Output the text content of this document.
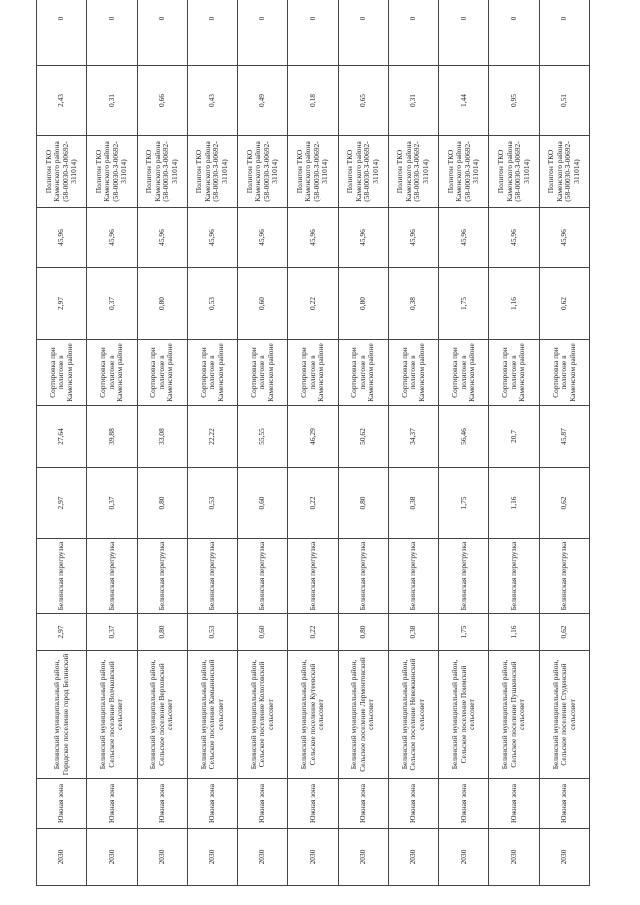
2030	Южная зона	Белинский муниципальный район, Городское поселение город Белинский	2,97	Белинская перегрузка	2,97	27,64	Сортировка при полигоне в Каменском районе	2,97	45,96	Полигон ТКО Каменского района (58-00030-З-00692-311014)	2,43	0
2030	Южная зона	Белинский муниципальный район, Сельское поселение Волчковский сельсовет	0,37	Белинская перегрузка	0,37	39,88	Сортировка при полигоне в Каменском районе	0,37	45,96	Полигон ТКО Каменского района (58-00030-З-00692-311014)	0,31	0
2030	Южная зона	Белинский муниципальный район, Сельское поселение Верховский сельсовет	0,80	Белинская перегрузка	0,80	33,08	Сортировка при полигоне в Каменском районе	0,80	45,96	Полигон ТКО Каменского района (58-00030-З-00692-311014)	0,66	0
2030	Южная зона	Белинский муниципальный район, Сельское поселение Камынинский сельсовет	0,53	Белинская перегрузка	0,53	22,22	Сортировка при полигоне в Каменском районе	0,53	45,96	Полигон ТКО Каменского района (58-00030-З-00692-311014)	0,43	0
2030	Южная зона	Белинский муниципальный район, Сельское поселение Кологовский сельсовет	0,60	Белинская перегрузка	0,60	55,55	Сортировка при полигоне в Каменском районе	0,60	45,96	Полигон ТКО Каменского района (58-00030-З-00692-311014)	0,49	0
2030	Южная зона	Белинский муниципальный район, Сельское поселение Кутеевский сельсовет	0,22	Белинская перегрузка	0,22	46,29	Сортировка при полигоне в Каменском районе	0,22	45,96	Полигон ТКО Каменского района (58-00030-З-00692-311014)	0,18	0
2030	Южная зона	Белинский муниципальный район, Сельское поселение Лермонтовский сельсовет	0,80	Белинская перегрузка	0,80	50,62	Сортировка при полигоне в Каменском районе	0,80	45,96	Полигон ТКО Каменского района (58-00030-З-00692-311014)	0,65	0
2030	Южная зона	Белинский муниципальный район, Сельское поселение Невежкинский сельсовет	0,38	Белинская перегрузка	0,38	34,37	Сортировка при полигоне в Каменском районе	0,38	45,96	Полигон ТКО Каменского района (58-00030-З-00692-311014)	0,31	0
2030	Южная зона	Белинский муниципальный район, Сельское поселение Поимский сельсовет	1,75	Белинская перегрузка	1,75	56,46	Сортировка при полигоне в Каменском районе	1,75	45,96	Полигон ТКО Каменского района (58-00030-З-00692-311014)	1,44	0
2030	Южная зона	Белинский муниципальный район, Сельское поселение Пушкинский сельсовет	1,16	Белинская перегрузка	1,16	20,7	Сортировка при полигоне в Каменском районе	1,16	45,96	Полигон ТКО Каменского района (58-00030-З-00692-311014)	0,95	0
2030	Южная зона	Белинский муниципальный район, Сельское поселение Студенский сельсовет	0,62	Белинская перегрузка	0,62	45,87	Сортировка при полигоне в Каменском районе	0,62	45,96	Полигон ТКО Каменского района (58-00030-З-00692-311014)	0,51	0
